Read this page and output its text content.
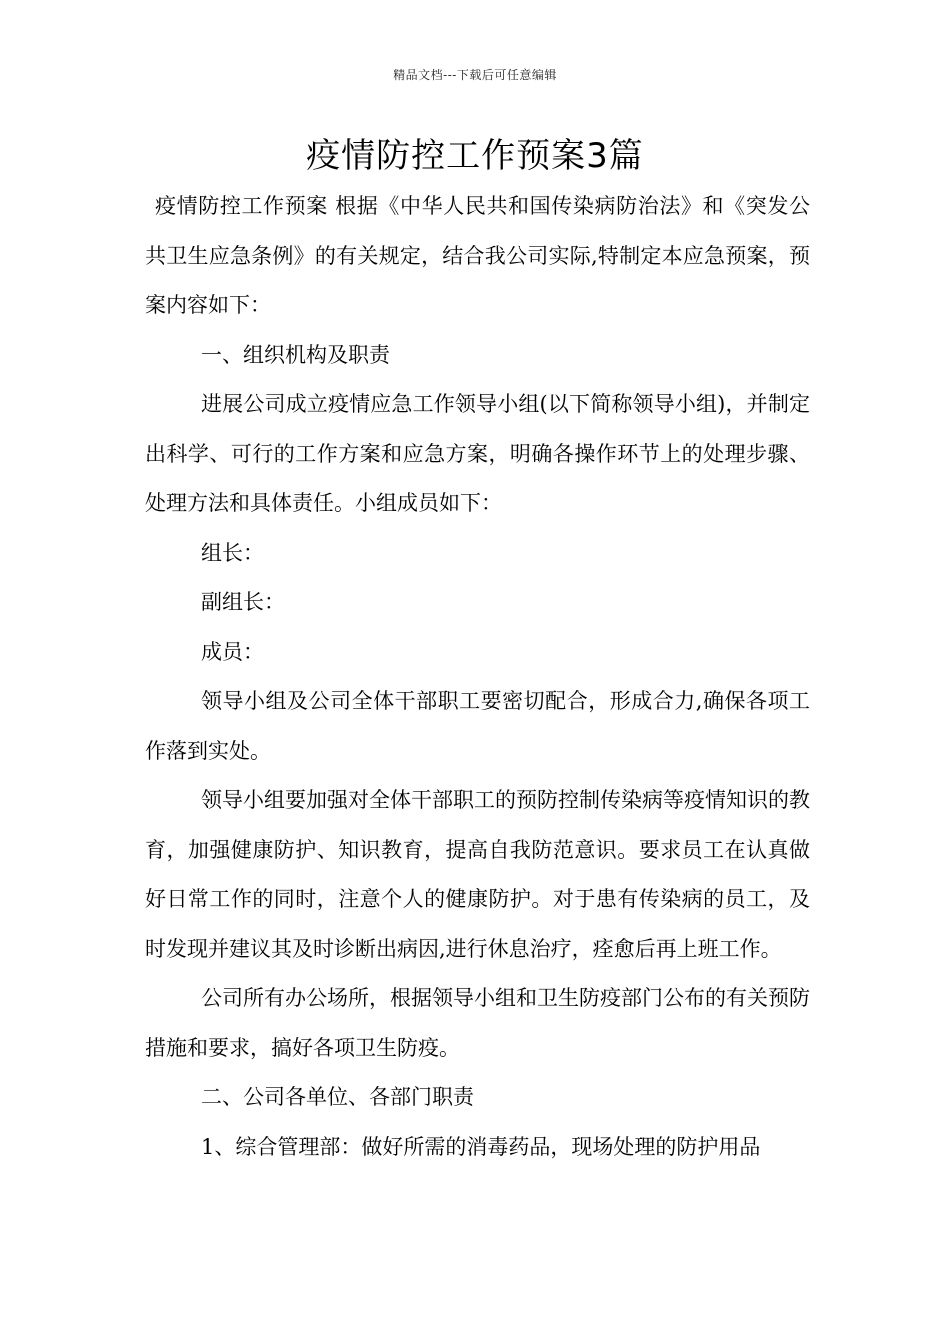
精品文档---下载后可任意编辑
疫情防控工作预案3篇

疫情防控工作预案 根据《中华人民共和国传染病防治法》和《突发公共卫生应急条例》的有关规定，结合我公司实际,特制定本应急预案，预案内容如下：

一、组织机构及职责

进展公司成立疫情应急工作领导小组(以下简称领导小组)，并制定出科学、可行的工作方案和应急方案，明确各操作环节上的处理步骤、处理方法和具体责任。小组成员如下：

组长：

副组长：

成员：

领导小组及公司全体干部职工要密切配合，形成合力,确保各项工作落到实处。

领导小组要加强对全体干部职工的预防控制传染病等疫情知识的教育，加强健康防护、知识教育，提高自我防范意识。要求员工在认真做好日常工作的同时，注意个人的健康防护。对于患有传染病的员工，及时发现并建议其及时诊断出病因,进行休息治疗，痊愈后再上班工作。

公司所有办公场所，根据领导小组和卫生防疫部门公布的有关预防措施和要求，搞好各项卫生防疫。

二、公司各单位、各部门职责

1、综合管理部：做好所需的消毒药品，现场处理的防护用品
